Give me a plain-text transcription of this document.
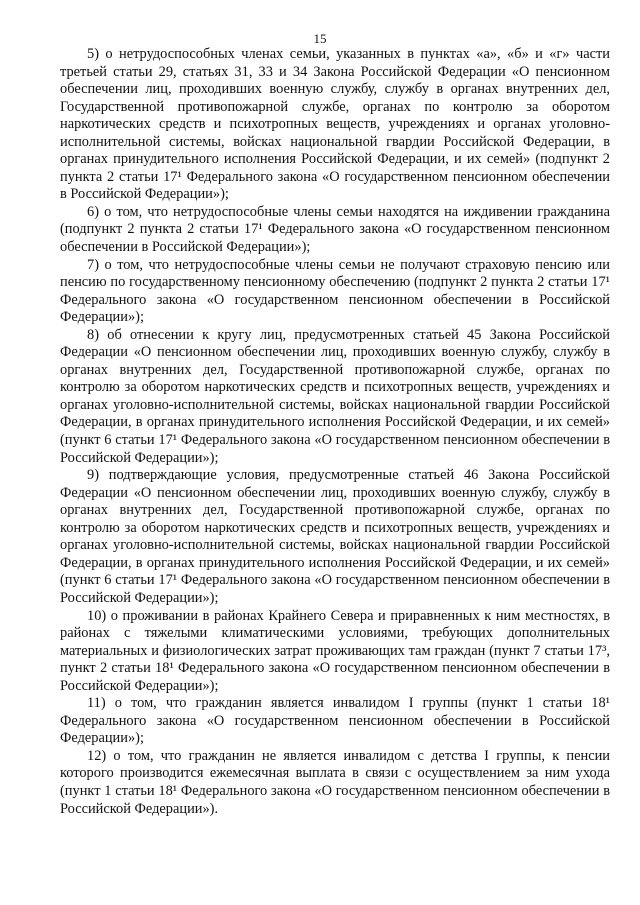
15

5) о нетрудоспособных членах семьи, указанных в пунктах «а», «б» и «г» части третьей статьи 29, статьях 31, 33 и 34 Закона Российской Федерации «О пенсионном обеспечении лиц, проходивших военную службу, службу в органах внутренних дел, Государственной противопожарной службе, органах по контролю за оборотом наркотических средств и психотропных веществ, учреждениях и органах уголовно-исполнительной системы, войсках национальной гвардии Российской Федерации, в органах принудительного исполнения Российской Федерации, и их семей» (подпункт 2 пункта 2 статьи 17¹ Федерального закона «О государственном пенсионном обеспечении в Российской Федерации»);

6) о том, что нетрудоспособные члены семьи находятся на иждивении гражданина (подпункт 2 пункта 2 статьи 17¹ Федерального закона «О государственном пенсионном обеспечении в Российской Федерации»);

7) о том, что нетрудоспособные члены семьи не получают страховую пенсию или пенсию по государственному пенсионному обеспечению (подпункт 2 пункта 2 статьи 17¹ Федерального закона «О государственном пенсионном обеспечении в Российской Федерации»);

8) об отнесении к кругу лиц, предусмотренных статьей 45 Закона Российской Федерации «О пенсионном обеспечении лиц, проходивших военную службу, службу в органах внутренних дел, Государственной противопожарной службе, органах по контролю за оборотом наркотических средств и психотропных веществ, учреждениях и органах уголовно-исполнительной системы, войсках национальной гвардии Российской Федерации, в органах принудительного исполнения Российской Федерации, и их семей» (пункт 6 статьи 17¹ Федерального закона «О государственном пенсионном обеспечении в Российской Федерации»);

9) подтверждающие условия, предусмотренные статьей 46 Закона Российской Федерации «О пенсионном обеспечении лиц, проходивших военную службу, службу в органах внутренних дел, Государственной противопожарной службе, органах по контролю за оборотом наркотических средств и психотропных веществ, учреждениях и органах уголовно-исполнительной системы, войсках национальной гвардии Российской Федерации, в органах принудительного исполнения Российской Федерации, и их семей» (пункт 6 статьи 17¹ Федерального закона «О государственном пенсионном обеспечении в Российской Федерации»);

10) о проживании в районах Крайнего Севера и приравненных к ним местностях, в районах с тяжелыми климатическими условиями, требующих дополнительных материальных и физиологических затрат проживающих там граждан (пункт 7 статьи 17³, пункт 2 статьи 18¹ Федерального закона «О государственном пенсионном обеспечении в Российской Федерации»);

11) о том, что гражданин является инвалидом I группы (пункт 1 статьи 18¹ Федерального закона «О государственном пенсионном обеспечении в Российской Федерации»);

12) о том, что гражданин не является инвалидом с детства I группы, к пенсии которого производится ежемесячная выплата в связи с осуществлением за ним ухода (пункт 1 статьи 18¹ Федерального закона «О государственном пенсионном обеспечении в Российской Федерации»).
